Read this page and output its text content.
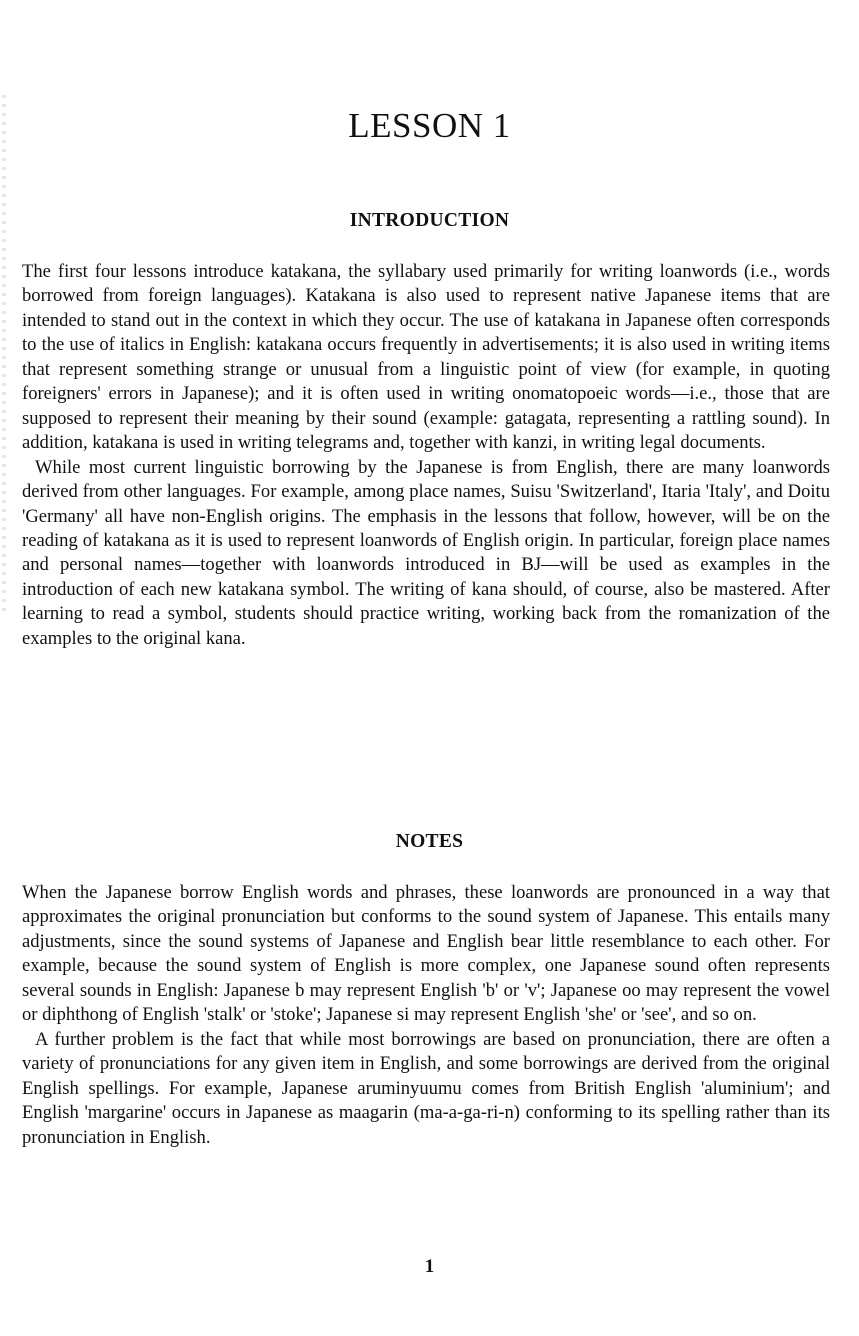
LESSON 1
INTRODUCTION

The first four lessons introduce katakana, the syllabary used primarily for writing loanwords (i.e., words borrowed from foreign languages). Katakana is also used to represent native Japanese items that are intended to stand out in the context in which they occur. The use of katakana in Japanese often corresponds to the use of italics in English: katakana occurs frequently in advertisements; it is also used in writing items that represent something strange or unusual from a linguistic point of view (for example, in quoting foreigners' errors in Japanese); and it is often used in writing onomatopoeic words—i.e., those that are supposed to represent their meaning by their sound (example: gatagata, representing a rattling sound). In addition, katakana is used in writing telegrams and, together with kanzi, in writing legal documents.

While most current linguistic borrowing by the Japanese is from English, there are many loanwords derived from other languages. For example, among place names, Suisu 'Switzerland', Itaria 'Italy', and Doitu 'Germany' all have non-English origins. The emphasis in the lessons that follow, however, will be on the reading of katakana as it is used to represent loanwords of English origin. In particular, foreign place names and personal names—together with loanwords introduced in BJ—will be used as examples in the introduction of each new katakana symbol. The writing of kana should, of course, also be mastered. After learning to read a symbol, students should practice writing, working back from the romanization of the examples to the original kana.

NOTES

When the Japanese borrow English words and phrases, these loanwords are pronounced in a way that approximates the original pronunciation but conforms to the sound system of Japanese. This entails many adjustments, since the sound systems of Japanese and English bear little resemblance to each other. For example, because the sound system of English is more complex, one Japanese sound often represents several sounds in English: Japanese b may represent English 'b' or 'v'; Japanese oo may represent the vowel or diphthong of English 'stalk' or 'stoke'; Japanese si may represent English 'she' or 'see', and so on.

A further problem is the fact that while most borrowings are based on pronunciation, there are often a variety of pronunciations for any given item in English, and some borrowings are derived from the original English spellings. For example, Japanese aruminyuumu comes from British English 'aluminium'; and English 'margarine' occurs in Japanese as maagarin (ma-a-ga-ri-n) conforming to its spelling rather than its pronunciation in English.

1
